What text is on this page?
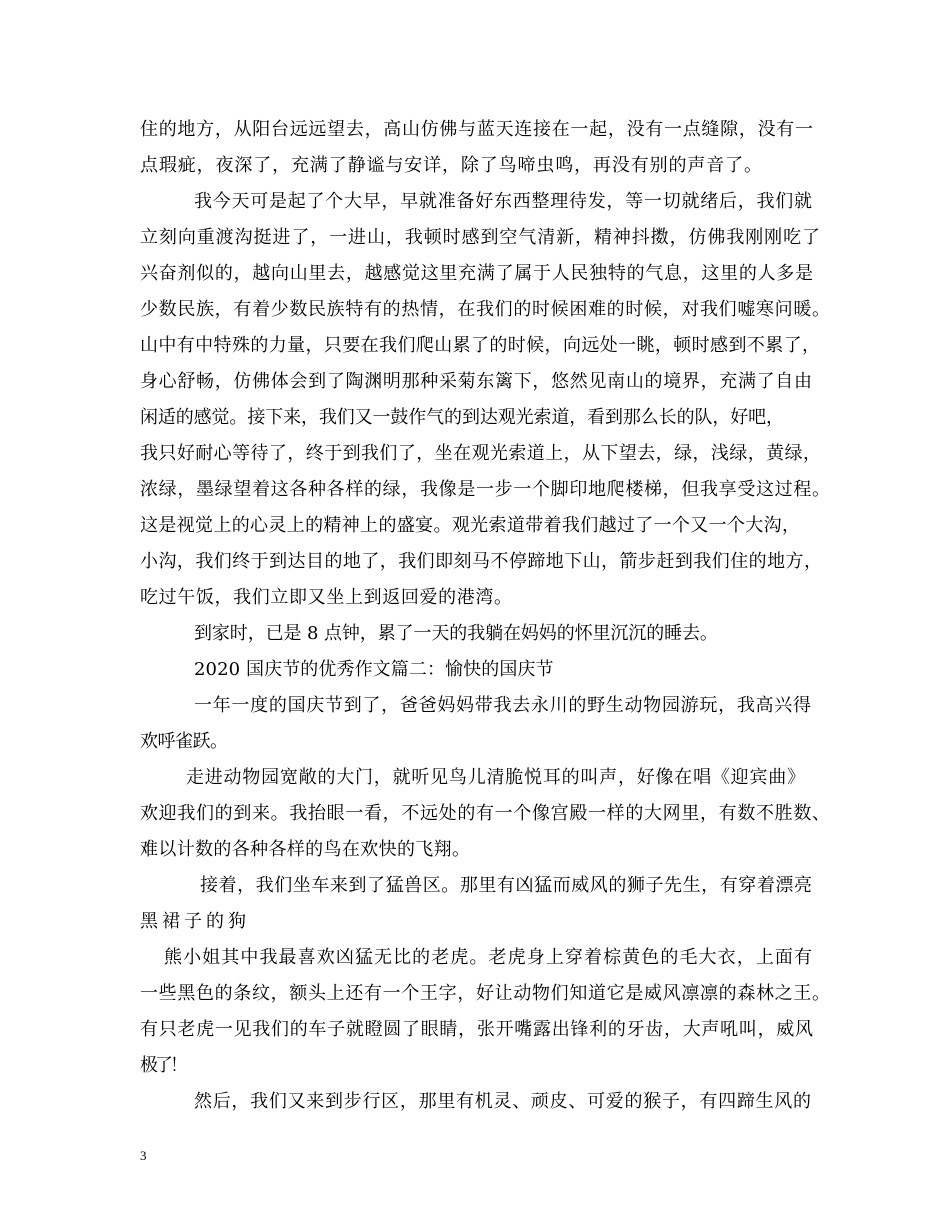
住的地方，从阳台远远望去，高山仿佛与蓝天连接在一起，没有一点缝隙，没有一
点瑕疵，夜深了，充满了静谧与安详，除了鸟啼虫鸣，再没有别的声音了。
我今天可是起了个大早，早就准备好东西整理待发，等一切就绪后，我们就
立刻向重渡沟挺进了，一进山，我顿时感到空气清新，精神抖擞，仿佛我刚刚吃了
兴奋剂似的，越向山里去，越感觉这里充满了属于人民独特的气息，这里的人多是
少数民族，有着少数民族特有的热情，在我们的时候困难的时候，对我们嘘寒问暖。
山中有中特殊的力量，只要在我们爬山累了的时候，向远处一眺，顿时感到不累了，
身心舒畅，仿佛体会到了陶渊明那种采菊东篱下，悠然见南山的境界，充满了自由
闲适的感觉。接下来，我们又一鼓作气的到达观光索道，看到那么长的队，好吧，
我只好耐心等待了，终于到我们了，坐在观光索道上，从下望去，绿，浅绿，黄绿，
浓绿，墨绿望着这各种各样的绿，我像是一步一个脚印地爬楼梯，但我享受这过程。
这是视觉上的心灵上的精神上的盛宴。观光索道带着我们越过了一个又一个大沟，
小沟，我们终于到达目的地了，我们即刻马不停蹄地下山，箭步赶到我们住的地方，
吃过午饭，我们立即又坐上到返回爱的港湾。
到家时，已是 8 点钟，累了一天的我躺在妈妈的怀里沉沉的睡去。
2020 国庆节的优秀作文篇二：愉快的国庆节
一年一度的国庆节到了，爸爸妈妈带我去永川的野生动物园游玩，我高兴得
欢呼雀跃。
走进动物园宽敞的大门，就听见鸟儿清脆悦耳的叫声，好像在唱《迎宾曲》
欢迎我们的到来。我抬眼一看，不远处的有一个像宫殿一样的大网里，有数不胜数、
难以计数的各种各样的鸟在欢快的飞翔。
接着，我们坐车来到了猛兽区。那里有凶猛而威风的狮子先生，有穿着漂亮
黑裙子的狗
熊小姐其中我最喜欢凶猛无比的老虎。老虎身上穿着棕黄色的毛大衣，上面有
一些黑色的条纹，额头上还有一个王字，好让动物们知道它是威风凛凛的森林之王。
有只老虎一见我们的车子就瞪圆了眼睛，张开嘴露出锋利的牙齿，大声吼叫，威风
极了！
然后，我们又来到步行区，那里有机灵、顽皮、可爱的猴子，有四蹄生风的
3
